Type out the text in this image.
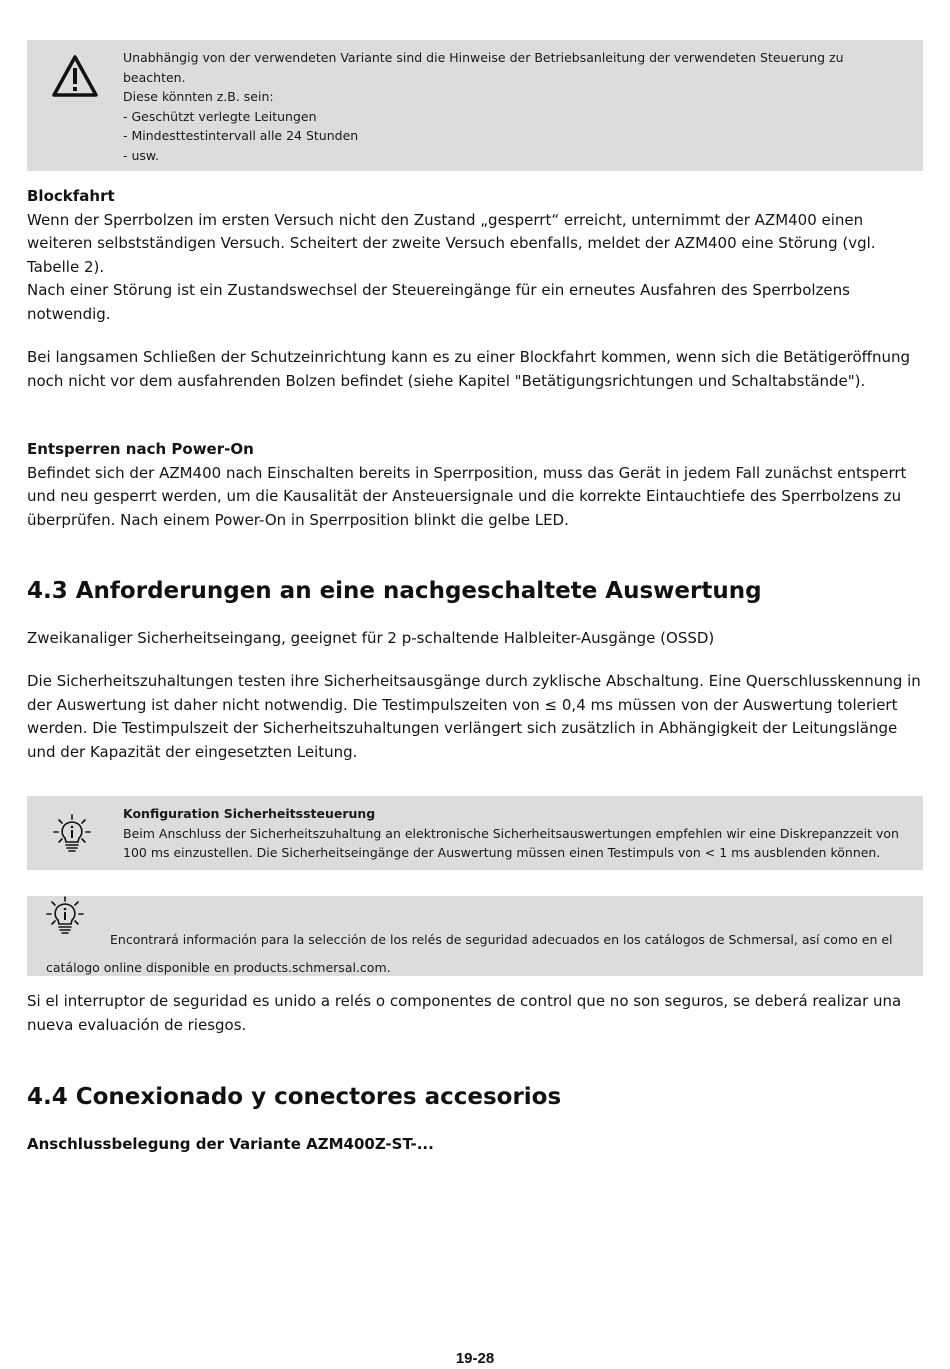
Unabhängig von der verwendeten Variante sind die Hinweise der Betriebsanleitung der verwendeten Steuerung zu
beachten.
Diese könnten z.B. sein:
- Geschützt verlegte Leitungen
- Mindesttestintervall alle 24 Stunden
- usw.
Blockfahrt

Wenn der Sperrbolzen im ersten Versuch nicht den Zustand „gesperrt“ erreicht, unternimmt der AZM400 einen weiteren selbstständigen Versuch. Scheitert der zweite Versuch ebenfalls, meldet der AZM400 eine Störung (vgl. Tabelle 2).

Nach einer Störung ist ein Zustandswechsel der Steuereingänge für ein erneutes Ausfahren des Sperrbolzens notwendig.

Bei langsamen Schließen der Schutzeinrichtung kann es zu einer Blockfahrt kommen, wenn sich die Betätigeröffnung noch nicht vor dem ausfahrenden Bolzen befindet (siehe Kapitel "Betätigungsrichtungen und Schaltabstände").

Entsperren nach Power-On

Befindet sich der AZM400 nach Einschalten bereits in Sperrposition, muss das Gerät in jedem Fall zunächst entsperrt und neu gesperrt werden, um die Kausalität der Ansteuersignale und die korrekte Eintauchtiefe des Sperrbolzens zu überprüfen. Nach einem Power-On in Sperrposition blinkt die gelbe LED.

4.3 Anforderungen an eine nachgeschaltete Auswertung

Zweikanaliger Sicherheitseingang, geeignet für 2 p-schaltende Halbleiter-Ausgänge (OSSD)

Die Sicherheitszuhaltungen testen ihre Sicherheitsausgänge durch zyklische Abschaltung. Eine Querschlusskennung in der Auswertung ist daher nicht notwendig. Die Testimpulszeiten von ≤ 0,4 ms müssen von der Auswertung toleriert werden. Die Testimpulszeit der Sicherheitszuhaltungen verlängert sich zusätzlich in Abhängigkeit der Leitungslänge und der Kapazität der eingesetzten Leitung.

Konfiguration Sicherheitssteuerung
Beim Anschluss der Sicherheitszuhaltung an elektronische Sicherheitsauswertungen empfehlen wir eine Diskrepanzzeit von
100 ms einzustellen. Die Sicherheitseingänge der Auswertung müssen einen Testimpuls von < 1 ms ausblenden können.
Encontrará información para la selección de los relés de seguridad adecuados en los catálogos de Schmersal, así como en el
catálogo online disponible en products.schmersal.com.

Si el interruptor de seguridad es unido a relés o componentes de control que no son seguros, se deberá realizar una nueva evaluación de riesgos.

4.4 Conexionado y conectores accesorios
Anschlussbelegung der Variante AZM400Z-ST-...
19-28
